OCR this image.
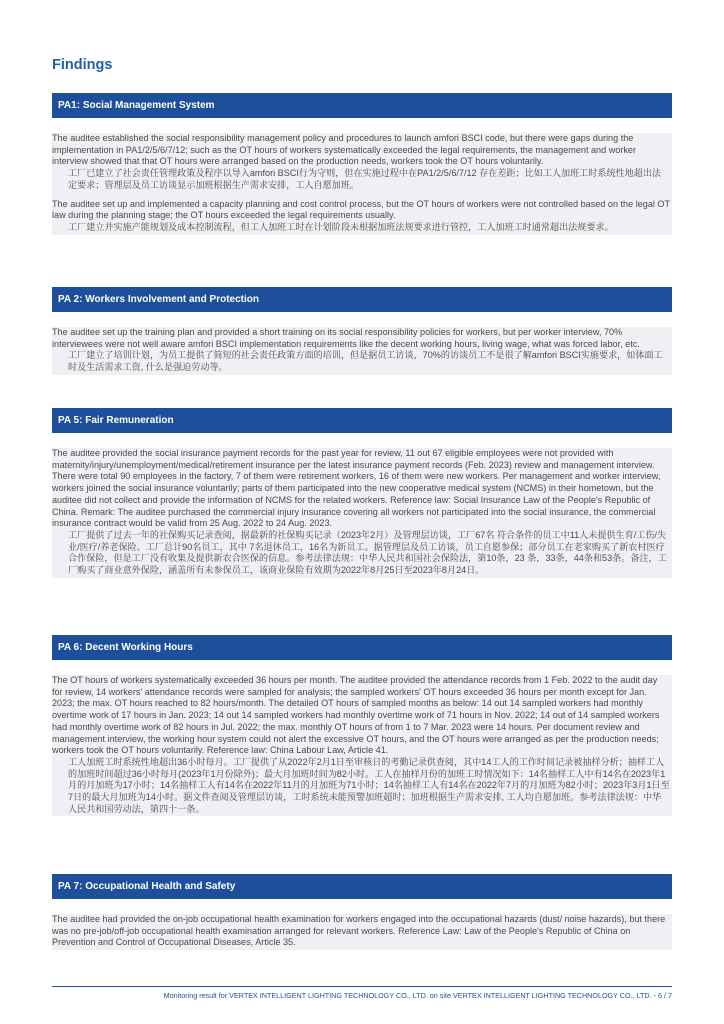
Findings
PA1: Social Management System

The auditee established the social responsibility management policy and procedures to launch amfori BSCI code, but there were gaps during the implementation in PA1/2/5/6/7/12; such as the OT hours of workers systematically exceeded the legal requirements, the management and worker interview showed that that OT hours were arranged based on the production needs, workers took the OT hours voluntarily.

工厂已建立了社会责任管理政策及程序以导入amfori BSCI行为守则，但在实施过程中在PA1/2/5/6/7/12 存在差距；比如工人加班工时系统性地超出法定要求；管理层及员工访谈显示加班根据生产需求安排，工人自愿加班。

The auditee set up and implemented a capacity planning and cost control process, but the OT hours of workers were not controlled based on the legal OT law during the planning stage; the OT hours exceeded the legal requirements usually.

工厂建立并实施产能规划及成本控制流程，但工人加班工时在计划阶段未根据加班法规要求进行管控，工人加班工时通常超出法规要求。

PA 2: Workers Involvement and Protection

The auditee set up the training plan and provided a short training on its social responsibility policies for workers, but per worker interview, 70% interviewees were not well aware amfori BSCI implementation requirements like the decent working hours, living wage, what was forced labor, etc.

工厂建立了培训计划，为员工提供了简短的社会责任政策方面的培训，但是据员工访谈，70%的访谈员工不是很了解amfori BSCI实施要求，如体面工时及生活需求工资, 什么是强迫劳动等。

PA 5: Fair Remuneration

The auditee provided the social insurance payment records for the past year for review, 11 out 67 eligible employees were not provided with maternity/injury/unemployment/medical/retirement insurance per the latest insurance payment records (Feb. 2023) review and management interview. There were total 90 employees in the factory, 7 of them were retirement workers, 16 of them were new workers. Per management and worker interview, workers joined the social insurance voluntarily; parts of them participated into the new cooperative medical system (NCMS) in their hometown, but the auditee did not collect and provide the information of NCMS for the related workers. Reference law: Social Insurance Law of the People's Republic of China. Remark: The auditee purchased the commercial injury insurance covering all workers not participated into the social insurance, the commercial insurance contract would be valid from 25 Aug. 2022 to 24 Aug. 2023.

工厂提供了过去一年的社保购买记录查阅，据最新的社保购买记录（2023年2月）及管理层访谈，工厂67名 符合条件的员工中11人未提供生育/工伤/失业/医疗/养老保险。工厂总计90名员工，其中 7名退休员工，16名为新员工。据管理层及员工访谈，员工自愿参保；部分员工在老家购买了新农村医疗合作保险，但是工厂没有收集及提供新农合医保的信息。参考法律法规：中华人民共和国社会保险法，第10条，23 条，33条，44条和53条。备注，工厂购买了商业意外保险，涵盖所有未参保员工，该商业保险有效期为2022年8月25日至2023年8月24日。

PA 6: Decent Working Hours

The OT hours of workers systematically exceeded 36 hours per month. The auditee provided the attendance records from 1 Feb. 2022 to the audit day for review, 14 workers' attendance records were sampled for analysis; the sampled workers' OT hours exceeded 36 hours per month except for Jan. 2023; the max. OT hours reached to 82 hours/month. The detailed OT hours of sampled months as below: 14 out 14 sampled workers had monthly overtime work of 17 hours in Jan. 2023; 14 out 14 sampled workers had monthly overtime work of 71 hours in Nov. 2022; 14 out of 14 sampled workers had monthly overtime work of 82 hours in Jul. 2022; the max. monthly OT hours of from 1 to 7 Mar. 2023 were 14 hours. Per document review and management interview, the working hour system could not alert the excessive OT hours, and the OT hours were arranged as per the production needs; workers took the OT hours voluntarily. Reference law: China Labour Law, Article 41.

工人加班工时系统性地超出36小时每月。工厂提供了从2022年2月1日至审核日的考勤记录供查阅，其中14工人的工作时间记录被抽样分析；抽样工人的加班时间超过36小时每月(2023年1月份除外)；最大月加班时间为82小时。工人在抽样月份的加班工时情况如下：14名抽样工人中有14名在2023年1月的月加班为17小时；14名抽样工人有14名在2022年11月的月加班为71小时；14名抽样工人有14名在2022年7月的月加班为82小时；2023年3月1日至7日的最大月加班为14小时。据文件查阅及管理层访谈，工时系统未能预警加班超时；加班根据生产需求安排, 工人均自愿加班。参考法律法规：中华人民共和国劳动法，第四十一条。

PA 7: Occupational Health and Safety

The auditee had provided the on-job occupational health examination for workers engaged into the occupational hazards (dust/ noise hazards), but there was no pre-job/off-job occupational health examination arranged for relevant workers. Reference Law: Law of the People's Republic of China on Prevention and Control of Occupational Diseases, Article 35.

Monitoring result for VERTEX INTELLIGENT LIGHTING TECHNOLOGY CO., LTD. on site VERTEX INTELLIGENT LIGHTING TECHNOLOGY CO., LTD. - 6 / 7
